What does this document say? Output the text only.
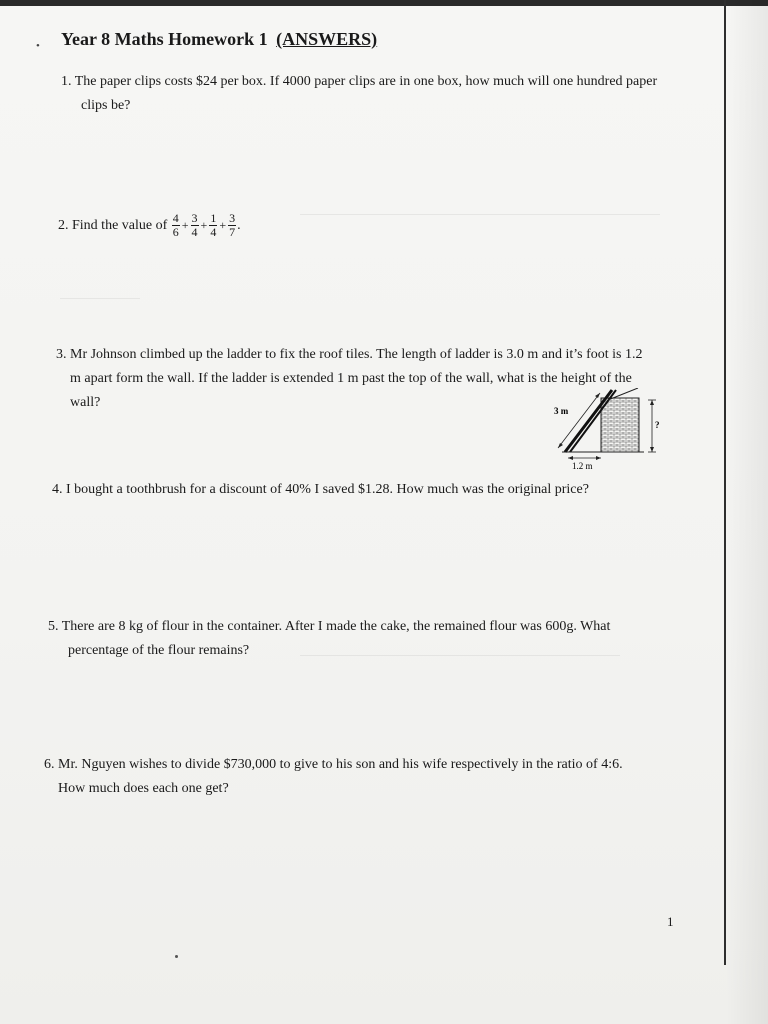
• Year 8 Maths Homework 1 (ANSWERS)
1. The paper clips costs $24 per box. If 4000 paper clips are in one box, how much will one hundred paper
clips be?
2.
Find the value of
$\frac{4}{6} + \frac{3}{4} + \frac{1}{4} + \frac{3}{7}$ .
3. Mr Johnson climbed up the ladder to fix the roof tiles. The length of ladder is 3.0 m and it’s foot is 1.2
m apart form the wall. If the ladder is extended 1 m past the top of the wall, what is the height of the
wall?
3 m
1.2 m
?
4. I bought a toothbrush for a discount of 40% I saved $1.28. How much was the original price?
5. There are 8 kg of flour in the container. After I made the cake, the remained flour was 600g. What
percentage of the flour remains?
6. Mr. Nguyen wishes to divide $730,000 to give to his son and his wife respectively in the ratio of 4:6.
How much does each one get?
1
